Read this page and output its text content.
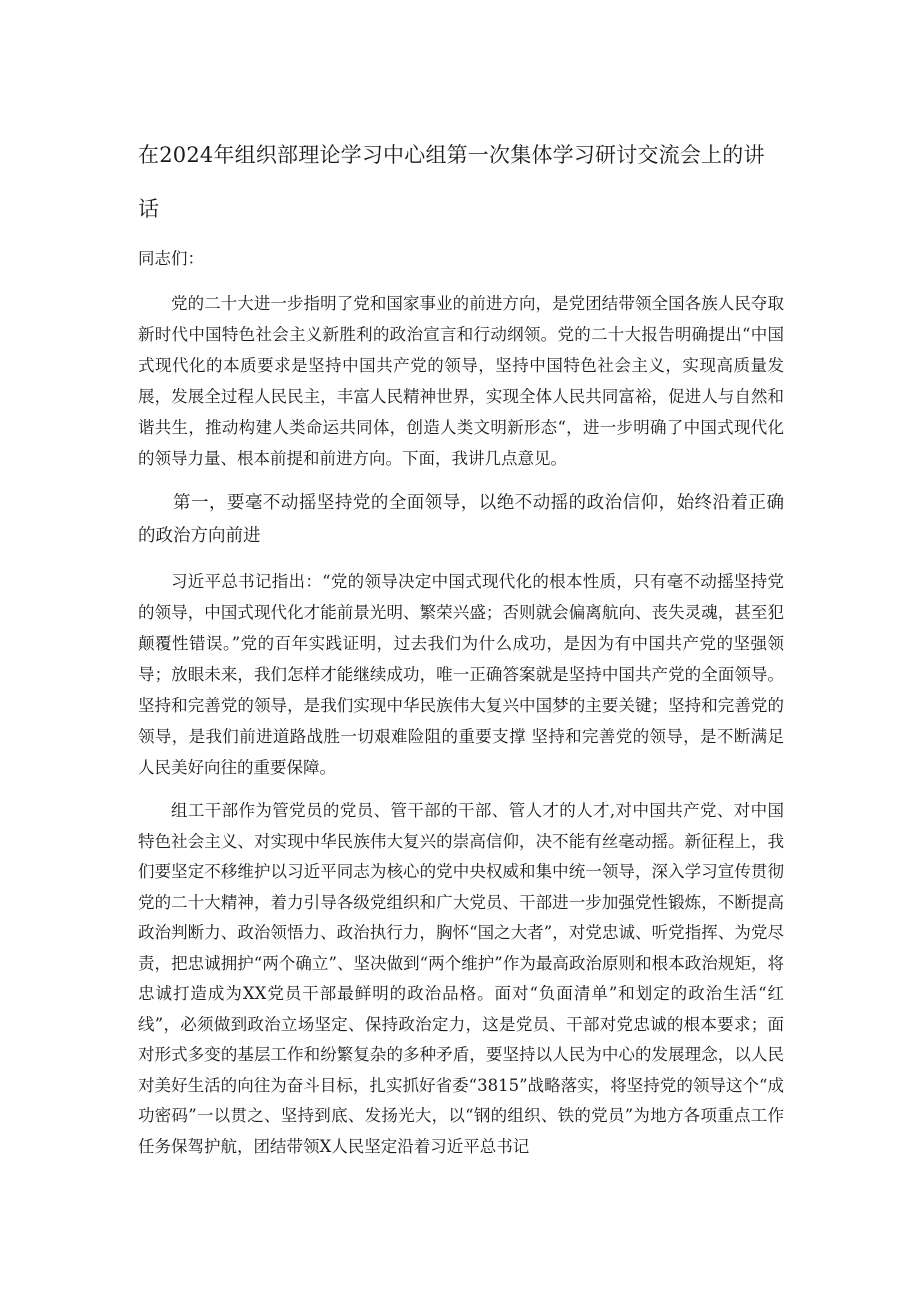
在2024年组织部理论学习中心组第一次集体学习研讨交流会上的讲话

同志们：

党的二十大进一步指明了党和国家事业的前进方向，是党团结带领全国各族人民夺取新时代中国特色社会主义新胜利的政治宣言和行动纲领。党的二十大报告明确提出“中国式现代化的本质要求是坚持中国共产党的领导，坚持中国特色社会主义，实现高质量发展，发展全过程人民民主，丰富人民精神世界，实现全体人民共同富裕，促进人与自然和谐共生，推动构建人类命运共同体，创造人类文明新形态“，进一步明确了中国式现代化的领导力量、根本前提和前进方向。下面，我讲几点意见。

第一，要毫不动摇坚持党的全面领导，以绝不动摇的政治信仰，始终沿着正确的政治方向前进

习近平总书记指出：“党的领导决定中国式现代化的根本性质，只有毫不动摇坚持党的领导，中国式现代化才能前景光明、繁荣兴盛；否则就会偏离航向、丧失灵魂，甚至犯颠覆性错误。”党的百年实践证明，过去我们为什么成功，是因为有中国共产党的坚强领导；放眼未来，我们怎样才能继续成功，唯一正确答案就是坚持中国共产党的全面领导。坚持和完善党的领导，是我们实现中华民族伟大复兴中国梦的主要关键；坚持和完善党的领导，是我们前进道路战胜一切艰难险阻的重要支撑 坚持和完善党的领导，是不断满足人民美好向往的重要保障。

组工干部作为管党员的党员、管干部的干部、管人才的人才,对中国共产党、对中国特色社会主义、对实现中华民族伟大复兴的崇高信仰，决不能有丝毫动摇。新征程上，我们要坚定不移维护以习近平同志为核心的党中央权威和集中统一领导，深入学习宣传贯彻党的二十大精神，着力引导各级党组织和广大党员、干部进一步加强党性锻炼，不断提高政治判断力、政治领悟力、政治执行力，胸怀“国之大者”，对党忠诚、听党指挥、为党尽责，把忠诚拥护“两个确立”、坚决做到“两个维护”作为最高政治原则和根本政治规矩，将忠诚打造成为XX党员干部最鲜明的政治品格。面对“负面清单”和划定的政治生活“红线”，必须做到政治立场坚定、保持政治定力，这是党员、干部对党忠诚的根本要求；面对形式多变的基层工作和纷繁复杂的多种矛盾，要坚持以人民为中心的发展理念，以人民对美好生活的向往为奋斗目标，扎实抓好省委“3815”战略落实，将坚持党的领导这个“成功密码”一以贯之、坚持到底、发扬光大，以“钢的组织、铁的党员”为地方各项重点工作任务保驾护航，团结带领X人民坚定沿着习近平总书记
